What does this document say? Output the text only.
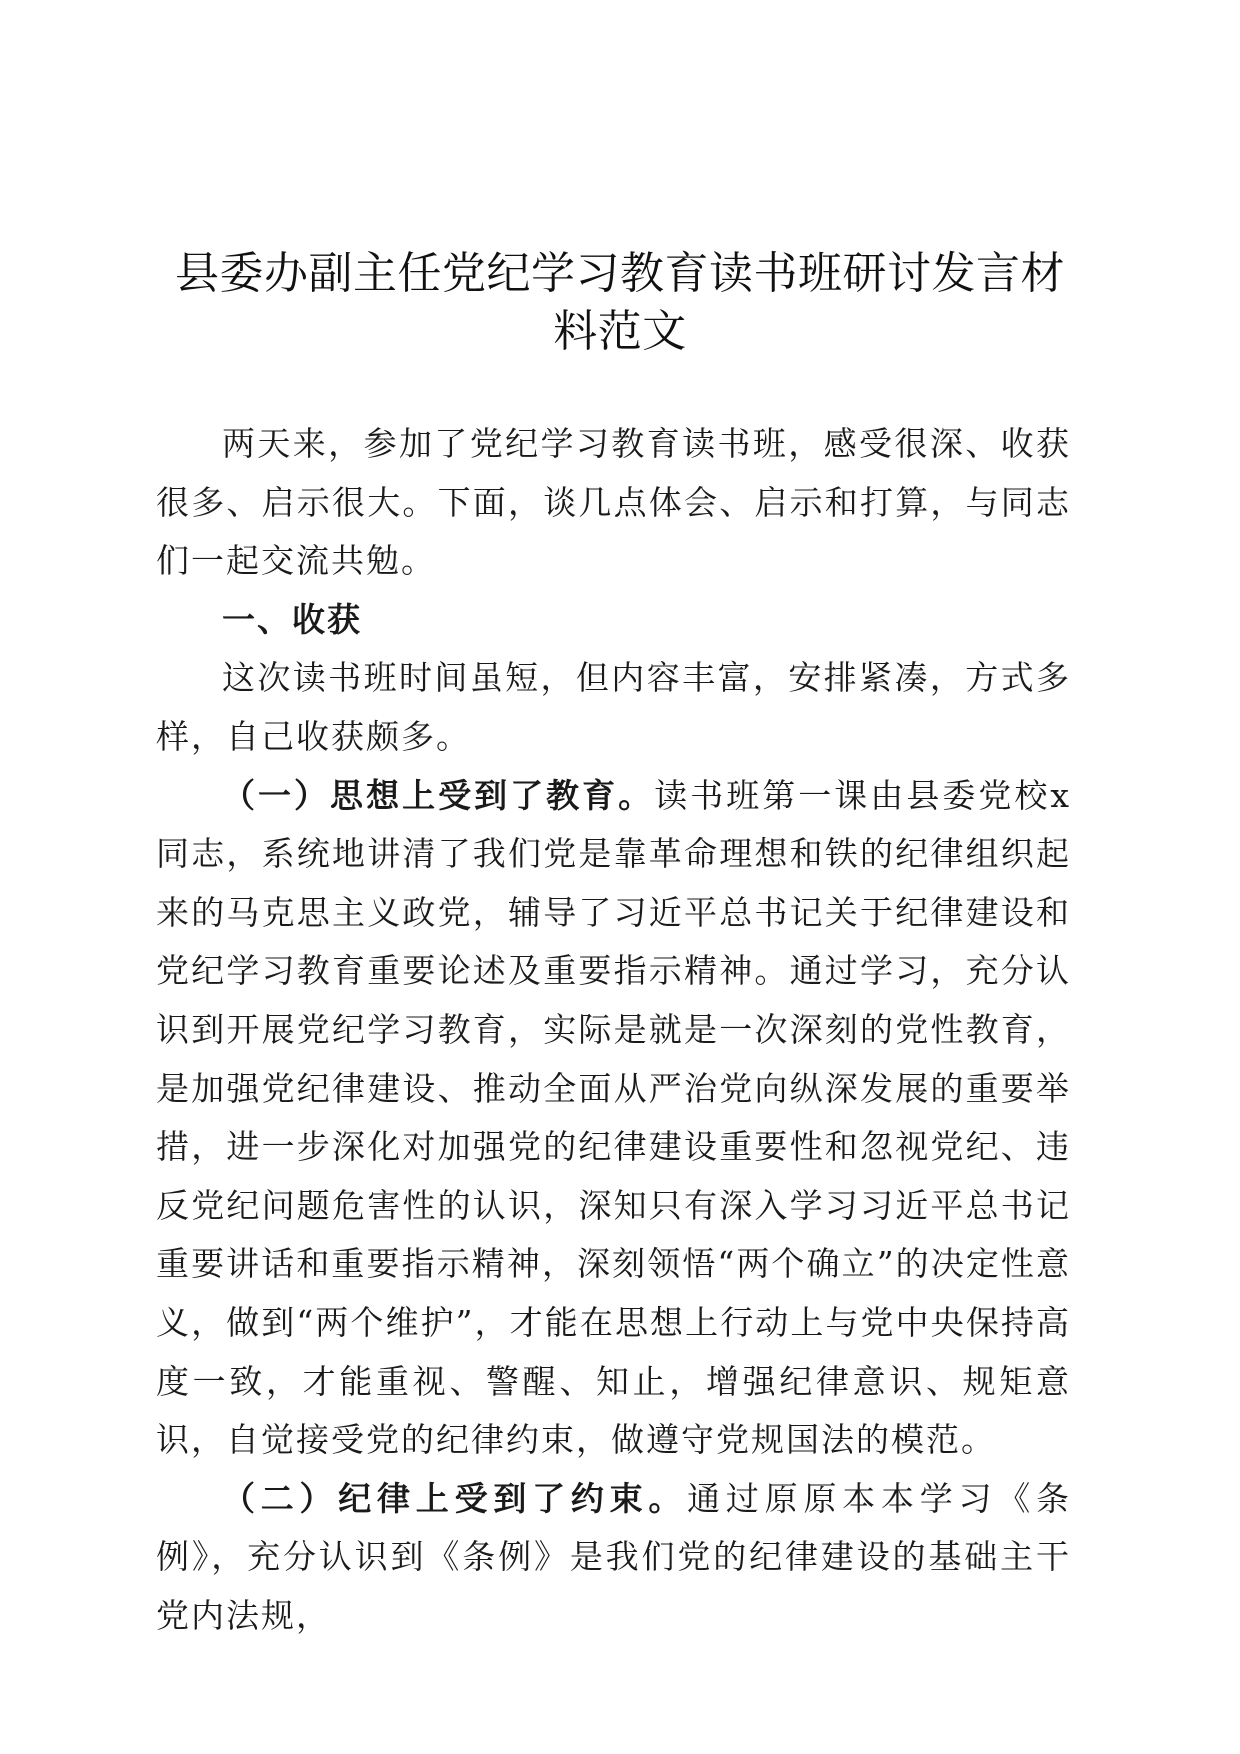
县委办副主任党纪学习教育读书班研讨发言材
料范文

两天来，参加了党纪学习教育读书班，感受很深、收获很多、启示很大。下面，谈几点体会、启示和打算，与同志们一起交流共勉。

一、收获

这次读书班时间虽短，但内容丰富，安排紧凑，方式多样，自己收获颇多。

（一）思想上受到了教育。读书班第一课由县委党校x同志，系统地讲清了我们党是靠革命理想和铁的纪律组织起来的马克思主义政党，辅导了习近平总书记关于纪律建设和党纪学习教育重要论述及重要指示精神。通过学习，充分认识到开展党纪学习教育，实际是就是一次深刻的党性教育，是加强党纪律建设、推动全面从严治党向纵深发展的重要举措，进一步深化对加强党的纪律建设重要性和忽视党纪、违反党纪问题危害性的认识，深知只有深入学习习近平总书记重要讲话和重要指示精神，深刻领悟“两个确立”的决定性意义，做到“两个维护”，才能在思想上行动上与党中央保持高度一致，才能重视、警醒、知止，增强纪律意识、规矩意识，自觉接受党的纪律约束，做遵守党规国法的模范。

（二）纪律上受到了约束。通过原原本本学习《条例》，充分认识到《条例》是我们党的纪律建设的基础主干党内法规，
